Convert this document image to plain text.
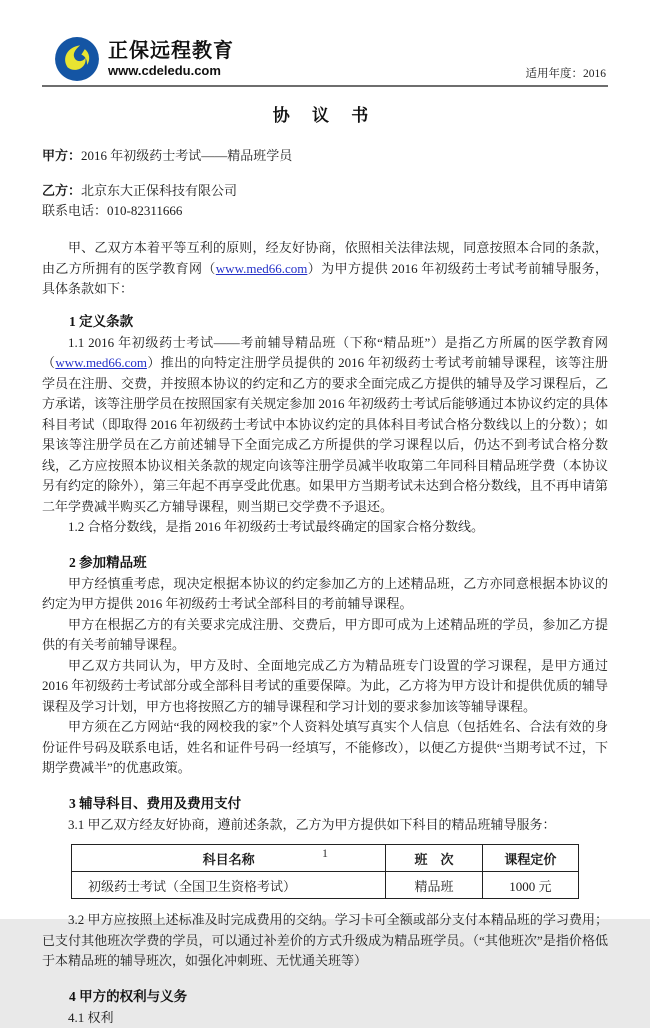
正保远程教育
www.cdeledu.com	适用年度：2016
协 议 书

甲方：2016 年初级药士考试——精品班学员

乙方：北京东大正保科技有限公司

联系电话：010-82311666

甲、乙双方本着平等互利的原则，经友好协商，依照相关法律法规，同意按照本合同的条款，由乙方所拥有的医学教育网（www.med66.com）为甲方提供 2016 年初级药士考试考前辅导服务，具体条款如下：

1 定义条款

1.1 2016 年初级药士考试——考前辅导精品班（下称“精品班”）是指乙方所属的医学教育网（www.med66.com）推出的向特定注册学员提供的 2016 年初级药士考试考前辅导课程，该等注册学员在注册、交费，并按照本协议的约定和乙方的要求全面完成乙方提供的辅导及学习课程后，乙方承诺，该等注册学员在按照国家有关规定参加 2016 年初级药士考试后能够通过本协议约定的具体科目考试（即取得 2016 年初级药士考试中本协议约定的具体科目考试合格分数线以上的分数）；如果该等注册学员在乙方前述辅导下全面完成乙方所提供的学习课程以后，仍达不到考试合格分数线，乙方应按照本协议相关条款的规定向该等注册学员减半收取第二年同科目精品班学费（本协议另有约定的除外），第三年起不再享受此优惠。如果甲方当期考试未达到合格分数线，且不再申请第二年学费减半购买乙方辅导课程，则当期已交学费不予退还。

1.2 合格分数线，是指 2016 年初级药士考试最终确定的国家合格分数线。

2 参加精品班

甲方经慎重考虑，现决定根据本协议的约定参加乙方的上述精品班，乙方亦同意根据本协议的约定为甲方提供 2016 年初级药士考试全部科目的考前辅导课程。

甲方在根据乙方的有关要求完成注册、交费后，甲方即可成为上述精品班的学员，参加乙方提供的有关考前辅导课程。

甲乙双方共同认为，甲方及时、全面地完成乙方为精品班专门设置的学习课程，是甲方通过 2016 年初级药士考试部分或全部科目考试的重要保障。为此，乙方将为甲方设计和提供优质的辅导课程及学习计划，甲方也将按照乙方的辅导课程和学习计划的要求参加该等辅导课程。

甲方须在乙方网站“我的网校我的家”个人资料处填写真实个人信息（包括姓名、合法有效的身份证件号码及联系电话，姓名和证件号码一经填写，不能修改），以便乙方提供“当期考试不过，下期学费减半”的优惠政策。

3 辅导科目、费用及费用支付

3.1 甲乙双方经友好协商，遵前述条款，乙方为甲方提供如下科目的精品班辅导服务：

科目名称	班　次	课程定价
初级药士考试（全国卫生资格考试）	精品班	1000 元

3.2 甲方应按照上述标准及时完成费用的交纳。学习卡可全额或部分支付本精品班的学习费用；已支付其他班次学费的学员，可以通过补差价的方式升级成为精品班学员。（“其他班次”是指价格低于本精品班的辅导班次，如强化冲刺班、无忧通关班等）

4 甲方的权利与义务

4.1 权利

1
